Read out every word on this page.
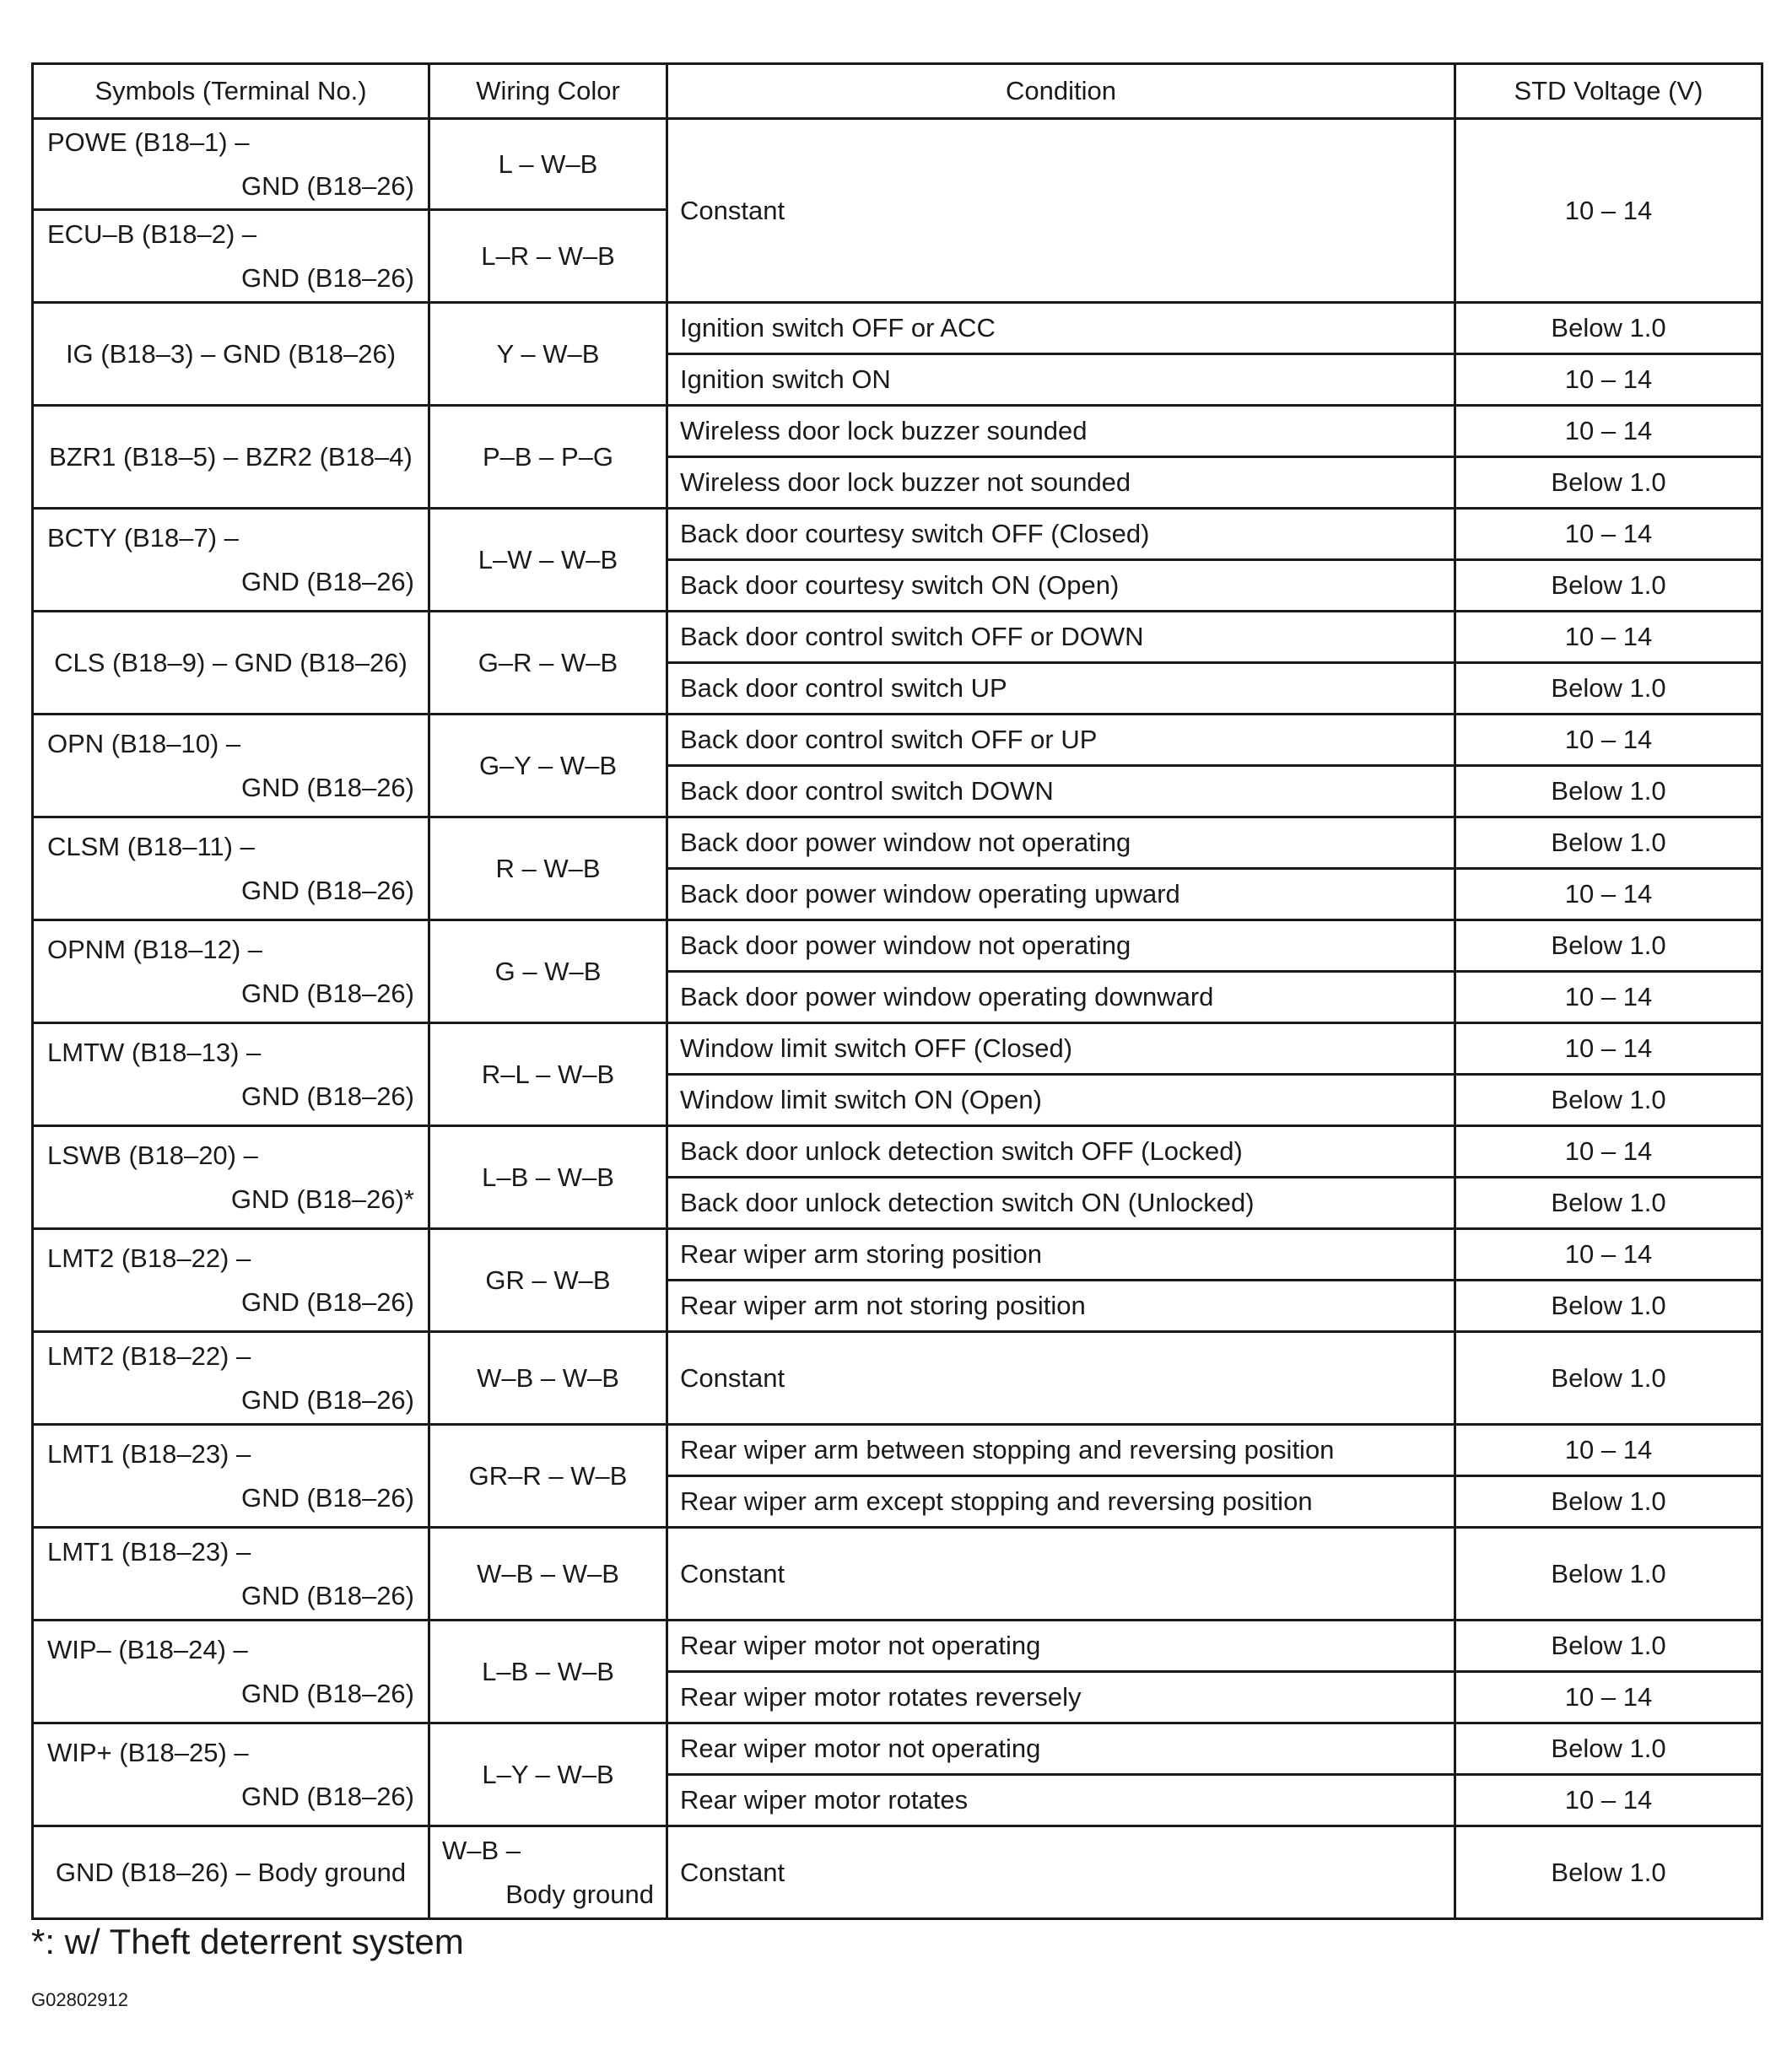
Symbols (Terminal No.)	Wiring Color	Condition	STD Voltage (V)

POWE (B18–1) –
GND (B18–26)	L – W–B	Constant	10 – 14

ECU–B (B18–2) –
GND (B18–26)	L–R – W–B		
IG (B18–3) – GND (B18–26)	Y – W–B	Ignition switch OFF or ACC	Below 1.0
		Ignition switch ON	10 – 14
BZR1 (B18–5) – BZR2 (B18–4)	P–B – P–G	Wireless door lock buzzer sounded	10 – 14
		Wireless door lock buzzer not sounded	Below 1.0

BCTY (B18–7) –
GND (B18–26)	L–W – W–B	Back door courtesy switch OFF (Closed)	10 – 14
		Back door courtesy switch ON (Open)	Below 1.0
CLS (B18–9) – GND (B18–26)	G–R – W–B	Back door control switch OFF or DOWN	10 – 14
		Back door control switch UP	Below 1.0

OPN (B18–10) –
GND (B18–26)	G–Y – W–B	Back door control switch OFF or UP	10 – 14
		Back door control switch DOWN	Below 1.0

CLSM (B18–11) –
GND (B18–26)	R – W–B	Back door power window not operating	Below 1.0
		Back door power window operating upward	10 – 14

OPNM (B18–12) –
GND (B18–26)	G – W–B	Back door power window not operating	Below 1.0
		Back door power window operating downward	10 – 14

LMTW (B18–13) –
GND (B18–26)	R–L – W–B	Window limit switch OFF (Closed)	10 – 14
		Window limit switch ON (Open)	Below 1.0

LSWB (B18–20) –
GND (B18–26)*	L–B – W–B	Back door unlock detection switch OFF (Locked)	10 – 14
		Back door unlock detection switch ON (Unlocked)	Below 1.0

LMT2 (B18–22) –
GND (B18–26)	GR – W–B	Rear wiper arm storing position	10 – 14
		Rear wiper arm not storing position	Below 1.0

LMT2 (B18–22) –
GND (B18–26)	W–B – W–B	Constant	Below 1.0

LMT1 (B18–23) –
GND (B18–26)	GR–R – W–B	Rear wiper arm between stopping and reversing position	10 – 14
		Rear wiper arm except stopping and reversing position	Below 1.0

LMT1 (B18–23) –
GND (B18–26)	W–B – W–B	Constant	Below 1.0

WIP– (B18–24) –
GND (B18–26)	L–B – W–B	Rear wiper motor not operating	Below 1.0
		Rear wiper motor rotates reversely	10 – 14

WIP+ (B18–25) –
GND (B18–26)	L–Y – W–B	Rear wiper motor not operating	Below 1.0
		Rear wiper motor rotates	10 – 14
GND (B18–26) – Body ground	W–B –
Body ground	Constant	Below 1.0
*: w/ Theft deterrent system
G02802912
